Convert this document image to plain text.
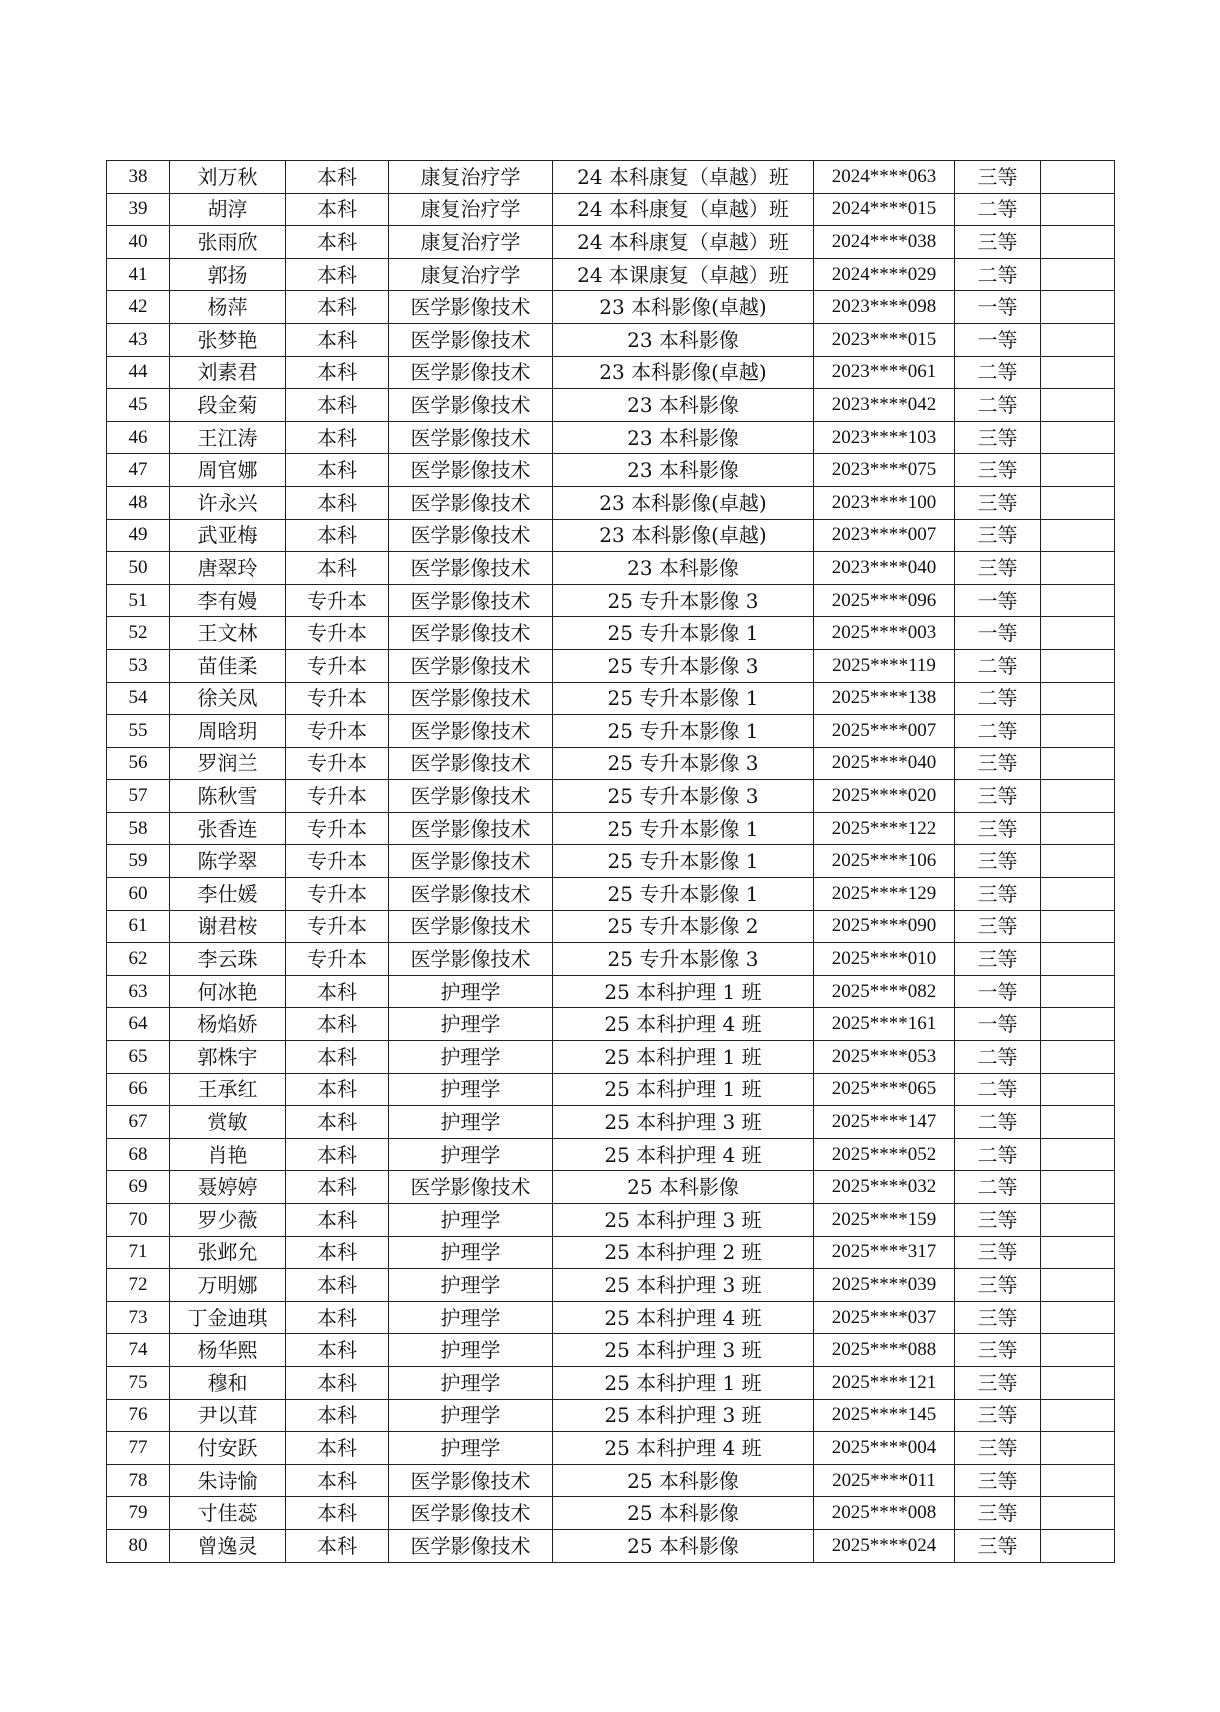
38	刘万秋	本科	康复治疗学	24 本科康复（卓越）班	2024****063	三等	
39	胡淳	本科	康复治疗学	24 本科康复（卓越）班	2024****015	二等	
40	张雨欣	本科	康复治疗学	24 本科康复（卓越）班	2024****038	三等	
41	郭扬	本科	康复治疗学	24 本课康复（卓越）班	2024****029	二等	
42	杨萍	本科	医学影像技术	23 本科影像(卓越)	2023****098	一等	
43	张梦艳	本科	医学影像技术	23 本科影像	2023****015	一等	
44	刘素君	本科	医学影像技术	23 本科影像(卓越)	2023****061	二等	
45	段金菊	本科	医学影像技术	23 本科影像	2023****042	二等	
46	王江涛	本科	医学影像技术	23 本科影像	2023****103	三等	
47	周官娜	本科	医学影像技术	23 本科影像	2023****075	三等	
48	许永兴	本科	医学影像技术	23 本科影像(卓越)	2023****100	三等	
49	武亚梅	本科	医学影像技术	23 本科影像(卓越)	2023****007	三等	
50	唐翠玲	本科	医学影像技术	23 本科影像	2023****040	三等	
51	李有嫚	专升本	医学影像技术	25 专升本影像 3	2025****096	一等	
52	王文林	专升本	医学影像技术	25 专升本影像 1	2025****003	一等	
53	苗佳柔	专升本	医学影像技术	25 专升本影像 3	2025****119	二等	
54	徐关凤	专升本	医学影像技术	25 专升本影像 1	2025****138	二等	
55	周晗玥	专升本	医学影像技术	25 专升本影像 1	2025****007	二等	
56	罗润兰	专升本	医学影像技术	25 专升本影像 3	2025****040	三等	
57	陈秋雪	专升本	医学影像技术	25 专升本影像 3	2025****020	三等	
58	张香连	专升本	医学影像技术	25 专升本影像 1	2025****122	三等	
59	陈学翠	专升本	医学影像技术	25 专升本影像 1	2025****106	三等	
60	李仕媛	专升本	医学影像技术	25 专升本影像 1	2025****129	三等	
61	谢君桉	专升本	医学影像技术	25 专升本影像 2	2025****090	三等	
62	李云珠	专升本	医学影像技术	25 专升本影像 3	2025****010	三等	
63	何冰艳	本科	护理学	25 本科护理 1 班	2025****082	一等	
64	杨焰娇	本科	护理学	25 本科护理 4 班	2025****161	一等	
65	郭株宇	本科	护理学	25 本科护理 1 班	2025****053	二等	
66	王承红	本科	护理学	25 本科护理 1 班	2025****065	二等	
67	赏敏	本科	护理学	25 本科护理 3 班	2025****147	二等	
68	肖艳	本科	护理学	25 本科护理 4 班	2025****052	二等	
69	聂婷婷	本科	医学影像技术	25 本科影像	2025****032	二等	
70	罗少薇	本科	护理学	25 本科护理 3 班	2025****159	三等	
71	张邺允	本科	护理学	25 本科护理 2 班	2025****317	三等	
72	万明娜	本科	护理学	25 本科护理 3 班	2025****039	三等	
73	丁金迪琪	本科	护理学	25 本科护理 4 班	2025****037	三等	
74	杨华熙	本科	护理学	25 本科护理 3 班	2025****088	三等	
75	穆和	本科	护理学	25 本科护理 1 班	2025****121	三等	
76	尹以茸	本科	护理学	25 本科护理 3 班	2025****145	三等	
77	付安跃	本科	护理学	25 本科护理 4 班	2025****004	三等	
78	朱诗愉	本科	医学影像技术	25 本科影像	2025****011	三等	
79	寸佳蕊	本科	医学影像技术	25 本科影像	2025****008	三等	
80	曾逸灵	本科	医学影像技术	25 本科影像	2025****024	三等	
